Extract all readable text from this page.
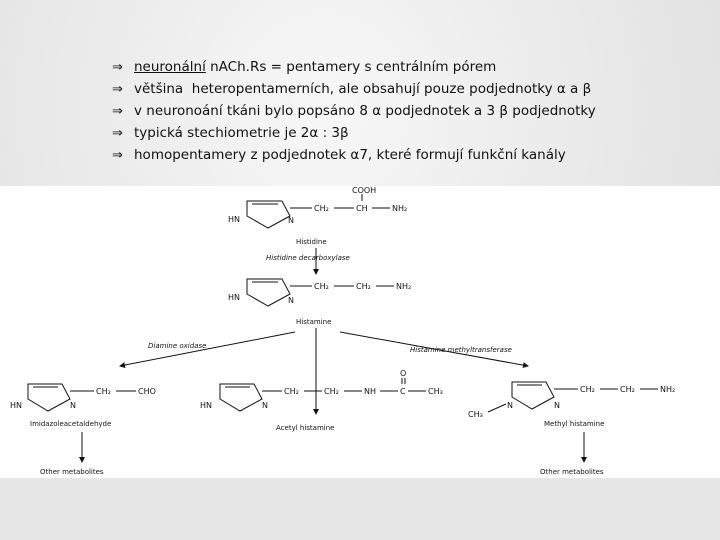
⇒ neuronální nACh.Rs = pentamery s centrálním pórem
⇒ většina  heteropentamerních, ale obsahují pouze podjednotky α a β
⇒ v neuronoání tkáni bylo popsáno 8 α podjednotek a 3 β podjednotky
⇒ typická stechiometrie je 2α : 3β
⇒ homopentamery z podjednotek α7, které formují funkční kanály
HN	N
CH₂	CH
COOH
NH₂
Histidine
Histidine decarboxylase
HN	N
CH₂	CH₂	NH₂
Histamine
Diamine oxidase	Histamine methyltransferase
HN	N
CH₂	CHO
Imidazoleacetaldehyde
Other metabolites
HN	N
CH₂	CH₂	NH	C
O
CH₃
Acetyl histamine
N	N
CH₃
CH₂	CH₂	NH₂
Methyl histamine
Other metabolites
